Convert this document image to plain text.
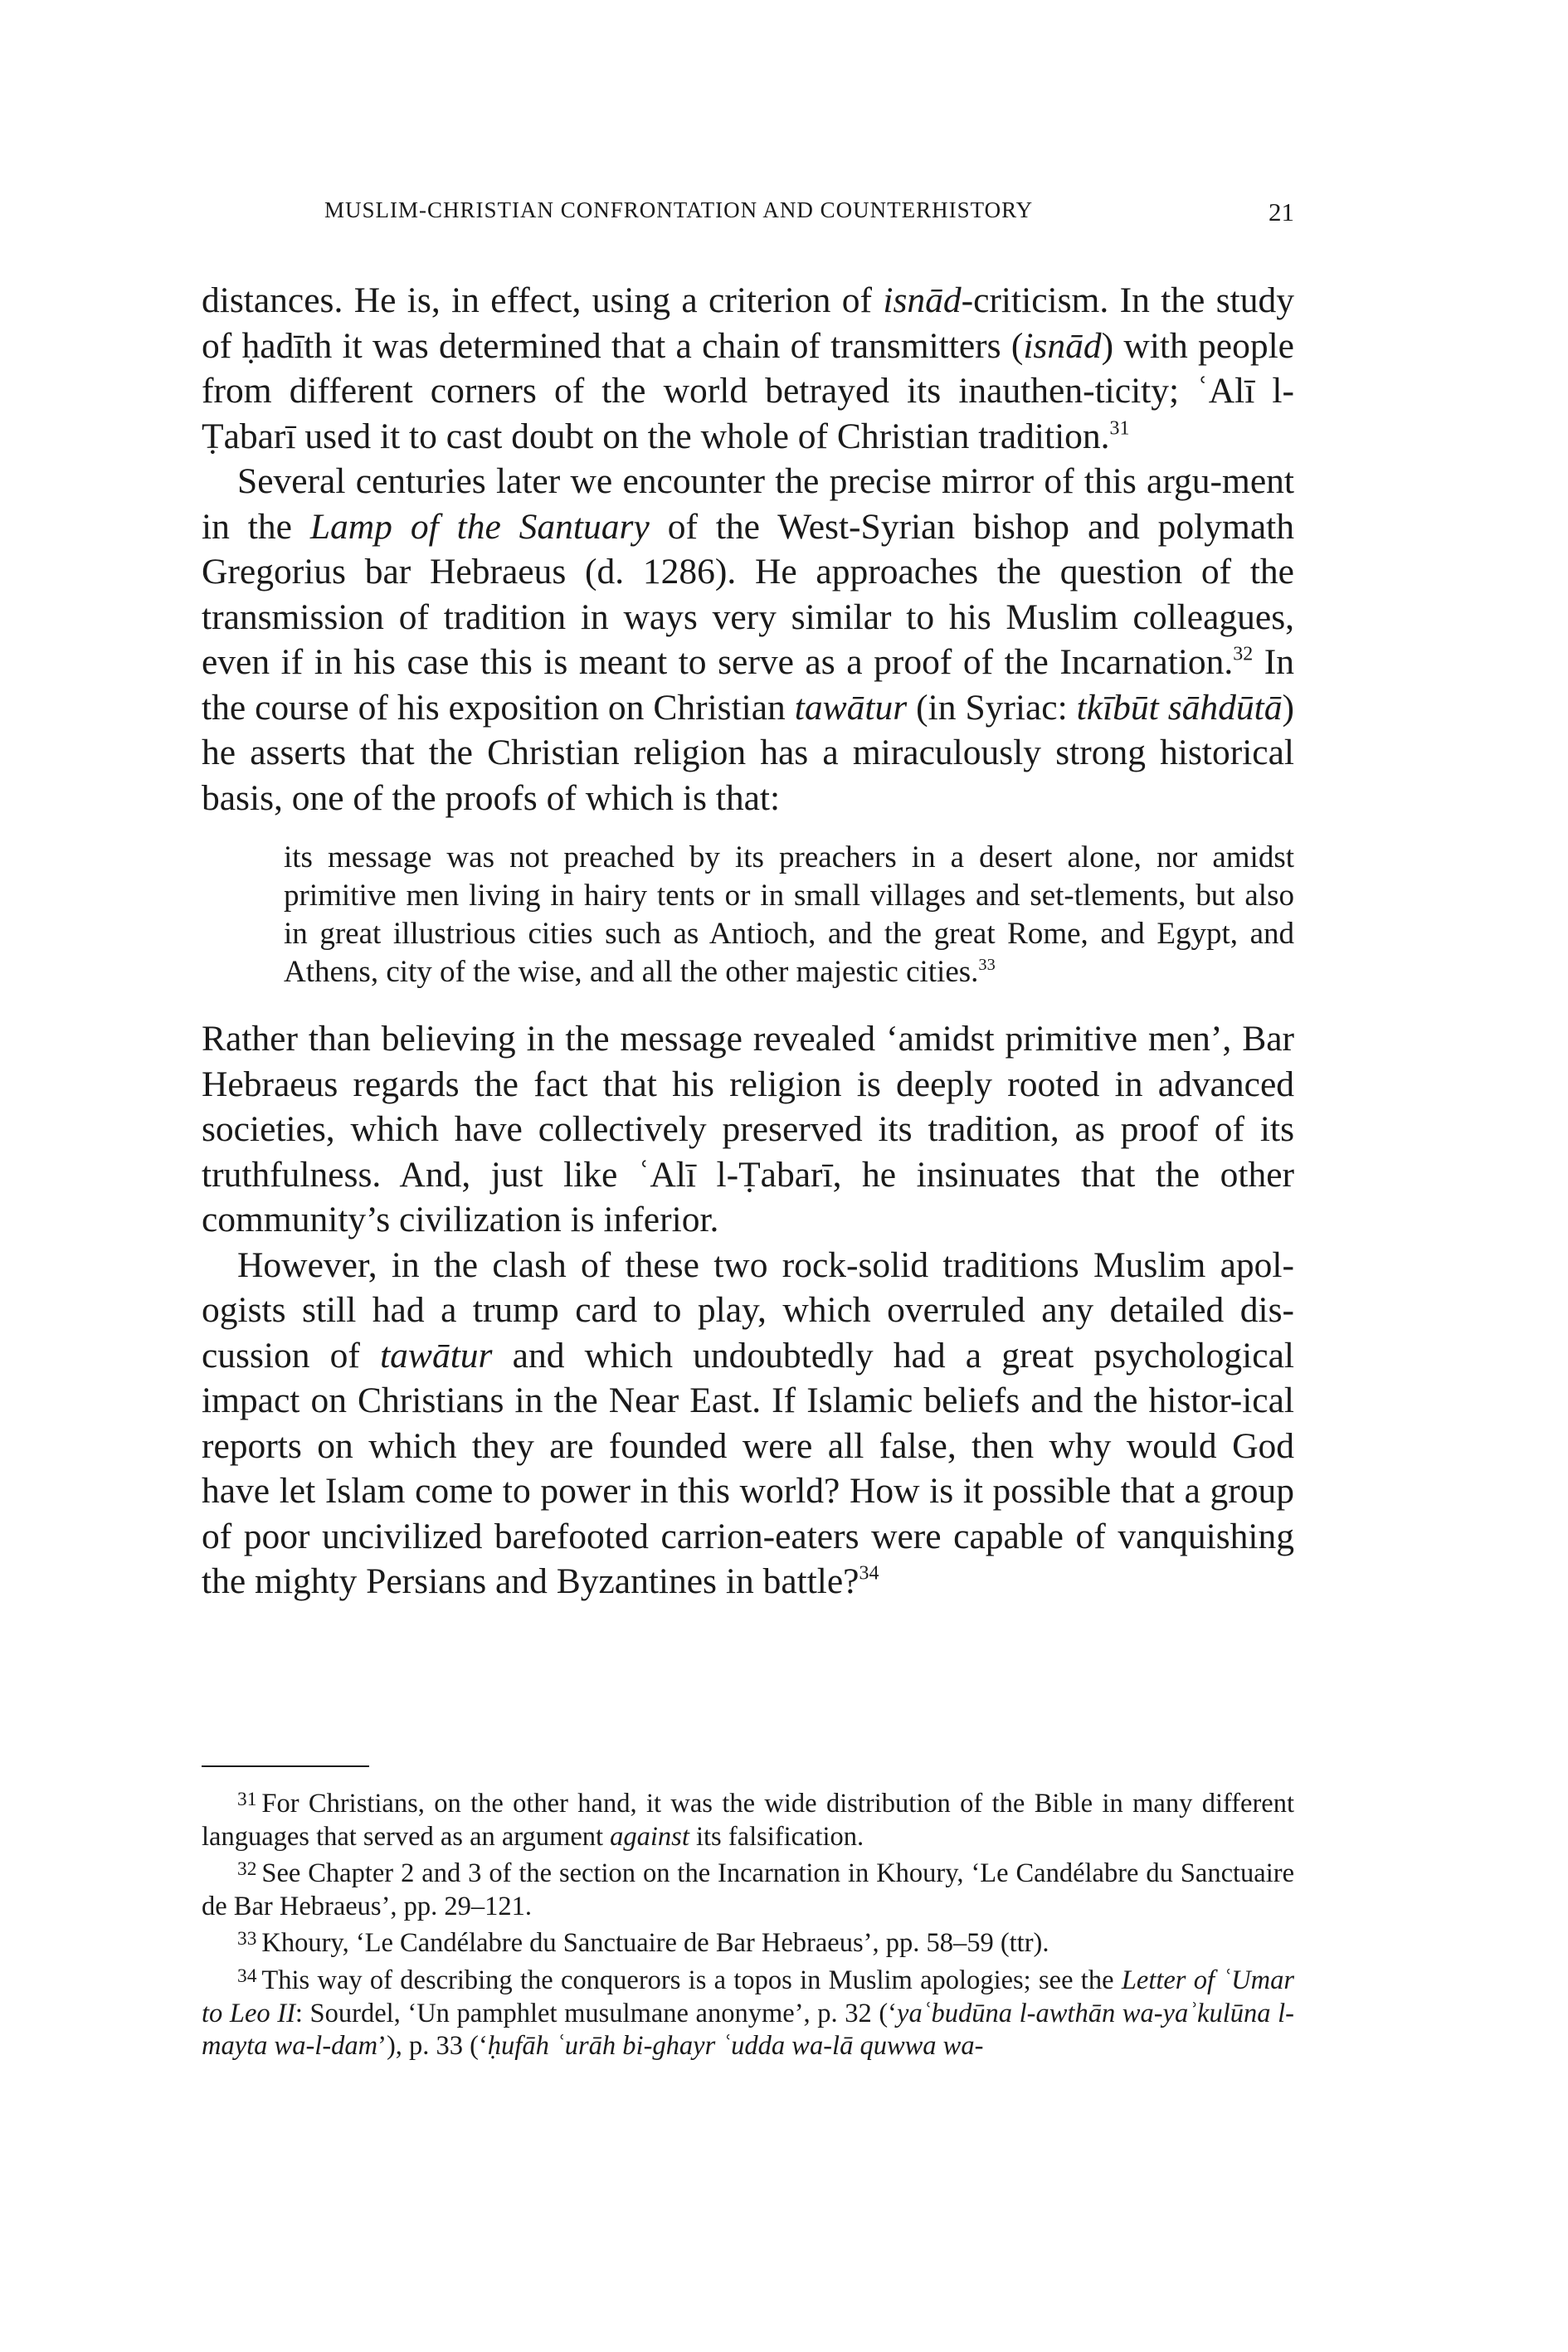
MUSLIM-CHRISTIAN CONFRONTATION AND COUNTERHISTORY	21

distances. He is, in effect, using a criterion of isnād-criticism. In the study of ḥadīth it was determined that a chain of transmitters (isnād) with people from different corners of the world betrayed its inauthen-ticity; ʿAlī l-Ṭabarī used it to cast doubt on the whole of Christian tradition.$^{31}$

Several centuries later we encounter the precise mirror of this argu-ment in the Lamp of the Santuary of the West-Syrian bishop and polymath Gregorius bar Hebraeus (d. 1286). He approaches the question of the transmission of tradition in ways very similar to his Muslim colleagues, even if in his case this is meant to serve as a proof of the Incarnation.$^{32}$ In the course of his exposition on Christian tawātur (in Syriac: tkībūt sāhdūtā) he asserts that the Christian religion has a miraculously strong historical basis, one of the proofs of which is that:

its message was not preached by its preachers in a desert alone, nor amidst primitive men living in hairy tents or in small villages and set-tlements, but also in great illustrious cities such as Antioch, and the great Rome, and Egypt, and Athens, city of the wise, and all the other majestic cities.$^{33}$

Rather than believing in the message revealed ‘amidst primitive men’, Bar Hebraeus regards the fact that his religion is deeply rooted in advanced societies, which have collectively preserved its tradition, as proof of its truthfulness. And, just like ʿAlī l-Ṭabarī, he insinuates that the other community’s civilization is inferior.

However, in the clash of these two rock-solid traditions Muslim apol-ogists still had a trump card to play, which overruled any detailed dis-cussion of tawātur and which undoubtedly had a great psychological impact on Christians in the Near East. If Islamic beliefs and the histor-ical reports on which they are founded were all false, then why would God have let Islam come to power in this world? How is it possible that a group of poor uncivilized barefooted carrion-eaters were capable of vanquishing the mighty Persians and Byzantines in battle?$^{34}$

$^{31}$ For Christians, on the other hand, it was the wide distribution of the Bible in many different languages that served as an argument against its falsification.

$^{32}$ See Chapter 2 and 3 of the section on the Incarnation in Khoury, ‘Le Candélabre du Sanctuaire de Bar Hebraeus’, pp. 29–121.

$^{33}$ Khoury, ‘Le Candélabre du Sanctuaire de Bar Hebraeus’, pp. 58–59 (ttr).

$^{34}$ This way of describing the conquerors is a topos in Muslim apologies; see the Letter of ʿUmar to Leo II: Sourdel, ‘Un pamphlet musulmane anonyme’, p. 32 (‘yaʿbudūna l-awthān wa-yaʾkulūna l-mayta wa-l-dam’), p. 33 (‘ḥufāh ʿurāh bi-ghayr ʿudda wa-lā quwwa wa-
